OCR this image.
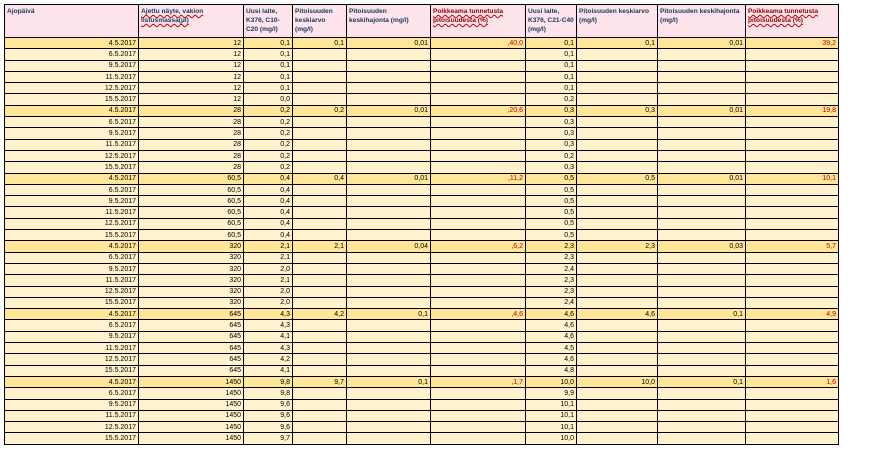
Ajopäivä	Ajettu näyte, vakion listusmassa(µl)	Uusi laite, K376, C10-C20 (mg/l)	Pitoisuuden keskiarvo (mg/l)	Pitoisuuden keskihajonta (mg/l)	Poikkeama tunnetusta pitoisuudesta (%)	Uusi laite, K376, C21-C40 (mg/l)	Pitoisuuden keskiarvo (mg/l)	Pitoisuuden keskihajonta (mg/l)	Poikkeama tunnetusta pitoisuudesta (%)
4.5.2017	12	0,1	0,1	0,01	,40,0	0,1	0,1	0,01	39,2
6.5.2017	12	0,1				0,1			
9.5.2017	12	0,1				0,1			
11.5.2017	12	0,1				0,1			
12.5.2017	12	0,1				0,1			
15.5.2017	12	0,0				0,2			
4.5.2017	28	0,2	0,2	0,01	,20,6	0,3	0,3	0,01	19,8
6.5.2017	28	0,2				0,3			
9.5.2017	28	0,2				0,3			
11.5.2017	28	0,2				0,3			
12.5.2017	28	0,2				0,2			
15.5.2017	28	0,2				0,3			
4.5.2017	60,5	0,4	0,4	0,01	,11,2	0,5	0,5	0,01	10,1
6.5.2017	60,5	0,4				0,5			
9.5.2017	60,5	0,4				0,5			
11.5.2017	60,5	0,4				0,5			
12.5.2017	60,5	0,4				0,5			
15.5.2017	60,5	0,4				0,5			
4.5.2017	320	2,1	2,1	0,04	,6,2	2,3	2,3	0,03	5,7
6.5.2017	320	2,1				2,3			
9.5.2017	320	2,0				2,4			
11.5.2017	320	2,1				2,3			
12.5.2017	320	2,0				2,3			
15.5.2017	320	2,0				2,4			
4.5.2017	645	4,3	4,2	0,1	,4,6	4,6	4,6	0,1	4,9
6.5.2017	645	4,3				4,6			
9.5.2017	645	4,1				4,6			
11.5.2017	645	4,3				4,5			
12.5.2017	645	4,2				4,6			
15.5.2017	645	4,1				4,8			
4.5.2017	1450	9,8	9,7	0,1	,1,7	10,0	10,0	0,1	1,6
6.5.2017	1450	9,8				9,9			
9.5.2017	1450	9,6				10,1			
11.5.2017	1450	9,6				10,1			
12.5.2017	1450	9,6				10,1			
15.5.2017	1450	9,7				10,0			
